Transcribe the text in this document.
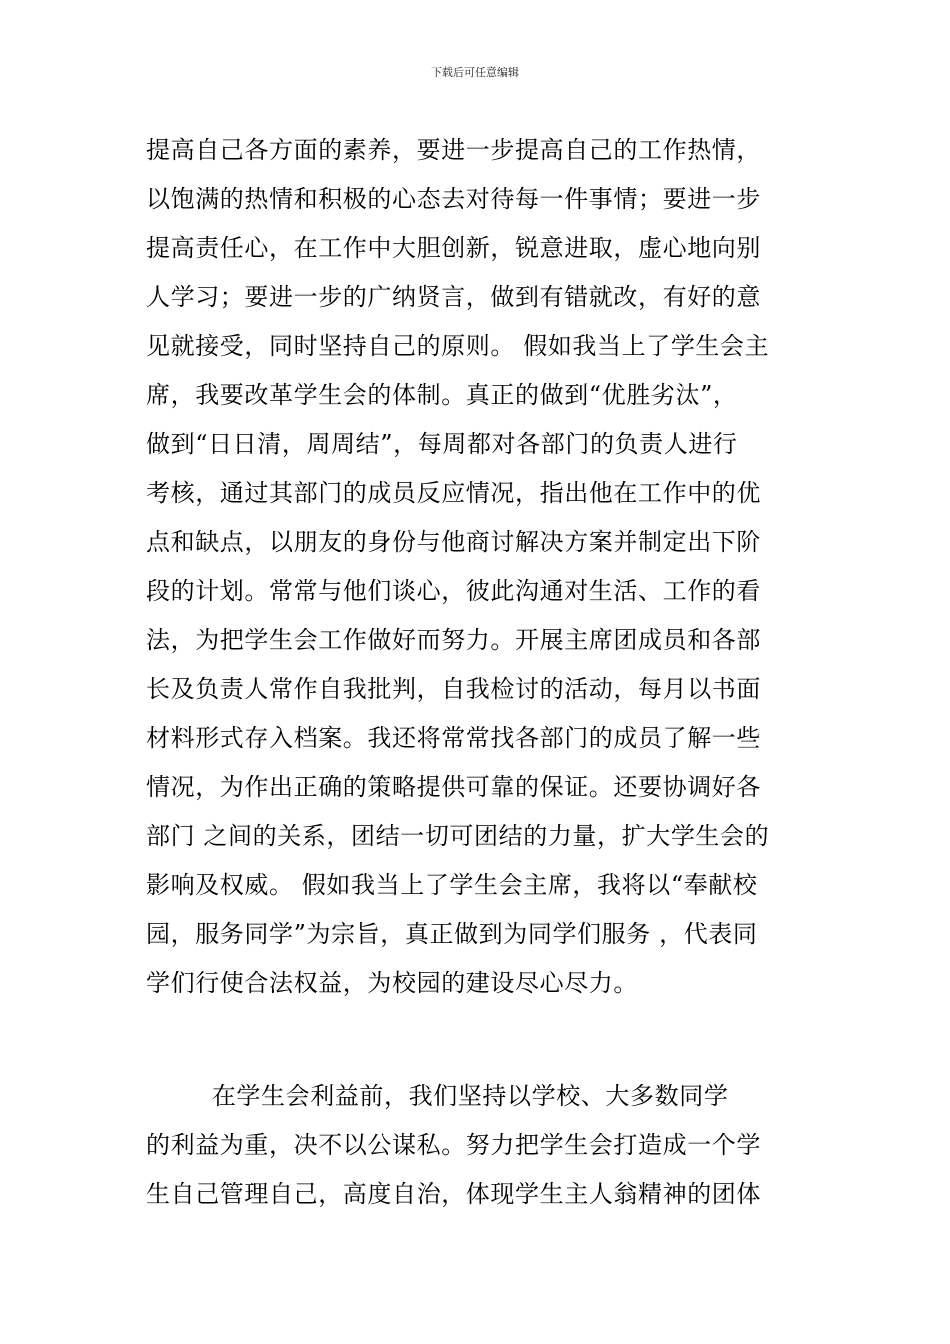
下载后可任意编辑
提高自己各方面的素养，要进一步提高自己的工作热情，
以饱满的热情和积极的心态去对待每一件事情；要进一步
提高责任心，在工作中大胆创新，锐意进取，虚心地向别
人学习；要进一步的广纳贤言，做到有错就改，有好的意
见就接受，同时坚持自己的原则。 假如我当上了学生会主
席，我要改革学生会的体制。真正的做到“优胜劣汰”，
做到“日日清，周周结”，每周都对各部门的负责人进行
考核，通过其部门的成员反应情况，指出他在工作中的优
点和缺点，以朋友的身份与他商讨解决方案并制定出下阶
段的计划。常常与他们谈心，彼此沟通对生活、工作的看
法，为把学生会工作做好而努力。开展主席团成员和各部
长及负责人常作自我批判，自我检讨的活动，每月以书面
材料形式存入档案。我还将常常找各部门的成员了解一些
情况，为作出正确的策略提供可靠的保证。还要协调好各
部门 之间的关系，团结一切可团结的力量，扩大学生会的
影响及权威。 假如我当上了学生会主席，我将以“奉献校
园，服务同学”为宗旨，真正做到为同学们服务 ，代表同
学们行使合法权益，为校园的建设尽心尽力。
在学生会利益前，我们坚持以学校、大多数同学
的利益为重，决不以公谋私。努力把学生会打造成一个学
生自己管理自己，高度自治，体现学生主人翁精神的团体
